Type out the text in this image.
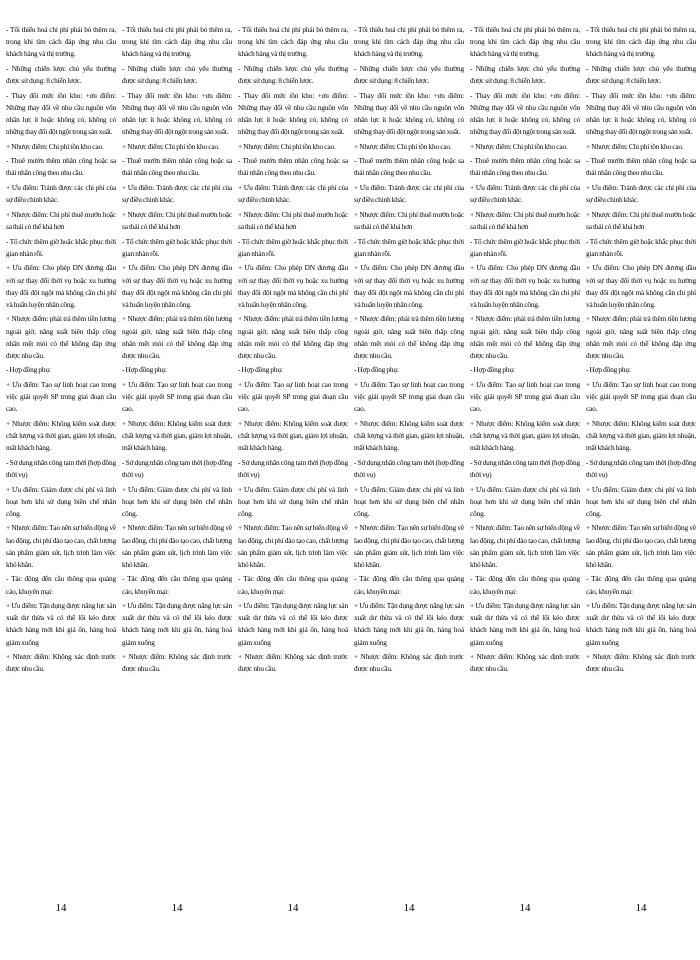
- Tối thiểu hoá chi phí phải bỏ thêm ra, trong khi tìm cách đáp ứng nhu cầu khách hàng và thị trường.

- Những chiến lược chủ yếu thường được sử dụng: 8 chiến lược.

- Thay đổi mức tồn kho: +ưu điểm: Những thay đổi về nhu cầu nguồn vốn nhân lực ít hoặc không có, không có những thay đổi đột ngột trong sản xuất.

+ Nhược điểm: Chi phí tồn kho cao.

- Thuê mướn thêm nhân công hoặc sa thải nhân công theo nhu cầu.

+ Ưu điểm: Tránh được các chi phí của sự điều chỉnh khác.

+ Nhược điểm: Chi phí thuê mướn hoặc sa thải có thể khá hơn

- Tổ chức thêm giờ hoặc khắc phục thời gian nhàn rỗi.

+ Ưu điểm: Cho phép DN đương đầu với sự thay đổi thời vụ hoặc xu hướng thay đổi đột ngột mà không cần chi phí và huấn luyện nhân công.

+ Nhược điểm: phải trả thêm tiền lương ngoài giờ, năng suất biên thấp công nhân mệt mỏi có thể không đáp ứng được nhu cầu.

- Hợp đồng phụ:

+ Ưu điểm: Tạo sự linh hoạt cao trong việc giải quyết SP trong giai đoạn cầu cao.

+ Nhược điểm: Không kiểm soát được chất lượng và thời gian, giảm lợi nhuận, mất khách hàng.

- Sử dụng nhân công tạm thời (hợp đồng thời vụ)

+ Ưu điểm: Giảm được chi phí và linh hoạt hơn khi sử dụng biên chế nhân công.

+ Nhược điểm: Tạo nên sự biến động về lao động, chi phí đào tạo cao, chất lượng sản phẩm giảm sút, lịch trình làm việc khó khăn.

- Tác động đến cầu thông qua quảng cáo, khuyến mại:

+ Ưu điểm: Tận dụng được năng lực sản xuất dư thừa và có thể lôi kéo được khách hàng mới khi giá ổn, hàng hoá giảm xuống

+ Nhược điểm: Không xác định trước được nhu cầu.

- Tối thiểu hoá chi phí phải bỏ thêm ra, trong khi tìm cách đáp ứng nhu cầu khách hàng và thị trường.

- Những chiến lược chủ yếu thường được sử dụng: 8 chiến lược.

- Thay đổi mức tồn kho: +ưu điểm: Những thay đổi về nhu cầu nguồn vốn nhân lực ít hoặc không có, không có những thay đổi đột ngột trong sản xuất.

+ Nhược điểm: Chi phí tồn kho cao.

- Thuê mướn thêm nhân công hoặc sa thải nhân công theo nhu cầu.

+ Ưu điểm: Tránh được các chi phí của sự điều chỉnh khác.

+ Nhược điểm: Chi phí thuê mướn hoặc sa thải có thể khá hơn

- Tổ chức thêm giờ hoặc khắc phục thời gian nhàn rỗi.

+ Ưu điểm: Cho phép DN đương đầu với sự thay đổi thời vụ hoặc xu hướng thay đổi đột ngột mà không cần chi phí và huấn luyện nhân công.

+ Nhược điểm: phải trả thêm tiền lương ngoài giờ, năng suất biên thấp công nhân mệt mỏi có thể không đáp ứng được nhu cầu.

- Hợp đồng phụ:

+ Ưu điểm: Tạo sự linh hoạt cao trong việc giải quyết SP trong giai đoạn cầu cao.

+ Nhược điểm: Không kiểm soát được chất lượng và thời gian, giảm lợi nhuận, mất khách hàng.

- Sử dụng nhân công tạm thời (hợp đồng thời vụ)

+ Ưu điểm: Giảm được chi phí và linh hoạt hơn khi sử dụng biên chế nhân công.

+ Nhược điểm: Tạo nên sự biến động về lao động, chi phí đào tạo cao, chất lượng sản phẩm giảm sút, lịch trình làm việc khó khăn.

- Tác động đến cầu thông qua quảng cáo, khuyến mại:

+ Ưu điểm: Tận dụng được năng lực sản xuất dư thừa và có thể lôi kéo được khách hàng mới khi giá ổn, hàng hoá giảm xuống

+ Nhược điểm: Không xác định trước được nhu cầu.

- Tối thiểu hoá chi phí phải bỏ thêm ra, trong khi tìm cách đáp ứng nhu cầu khách hàng và thị trường.

- Những chiến lược chủ yếu thường được sử dụng: 8 chiến lược.

- Thay đổi mức tồn kho: +ưu điểm: Những thay đổi về nhu cầu nguồn vốn nhân lực ít hoặc không có, không có những thay đổi đột ngột trong sản xuất.

+ Nhược điểm: Chi phí tồn kho cao.

- Thuê mướn thêm nhân công hoặc sa thải nhân công theo nhu cầu.

+ Ưu điểm: Tránh được các chi phí của sự điều chỉnh khác.

+ Nhược điểm: Chi phí thuê mướn hoặc sa thải có thể khá hơn

- Tổ chức thêm giờ hoặc khắc phục thời gian nhàn rỗi.

+ Ưu điểm: Cho phép DN đương đầu với sự thay đổi thời vụ hoặc xu hướng thay đổi đột ngột mà không cần chi phí và huấn luyện nhân công.

+ Nhược điểm: phải trả thêm tiền lương ngoài giờ, năng suất biên thấp công nhân mệt mỏi có thể không đáp ứng được nhu cầu.

- Hợp đồng phụ:

+ Ưu điểm: Tạo sự linh hoạt cao trong việc giải quyết SP trong giai đoạn cầu cao.

+ Nhược điểm: Không kiểm soát được chất lượng và thời gian, giảm lợi nhuận, mất khách hàng.

- Sử dụng nhân công tạm thời (hợp đồng thời vụ)

+ Ưu điểm: Giảm được chi phí và linh hoạt hơn khi sử dụng biên chế nhân công.

+ Nhược điểm: Tạo nên sự biến động về lao động, chi phí đào tạo cao, chất lượng sản phẩm giảm sút, lịch trình làm việc khó khăn.

- Tác động đến cầu thông qua quảng cáo, khuyến mại:

+ Ưu điểm: Tận dụng được năng lực sản xuất dư thừa và có thể lôi kéo được khách hàng mới khi giá ổn, hàng hoá giảm xuống

+ Nhược điểm: Không xác định trước được nhu cầu.

- Tối thiểu hoá chi phí phải bỏ thêm ra, trong khi tìm cách đáp ứng nhu cầu khách hàng và thị trường.

- Những chiến lược chủ yếu thường được sử dụng: 8 chiến lược.

- Thay đổi mức tồn kho: +ưu điểm: Những thay đổi về nhu cầu nguồn vốn nhân lực ít hoặc không có, không có những thay đổi đột ngột trong sản xuất.

+ Nhược điểm: Chi phí tồn kho cao.

- Thuê mướn thêm nhân công hoặc sa thải nhân công theo nhu cầu.

+ Ưu điểm: Tránh được các chi phí của sự điều chỉnh khác.

+ Nhược điểm: Chi phí thuê mướn hoặc sa thải có thể khá hơn

- Tổ chức thêm giờ hoặc khắc phục thời gian nhàn rỗi.

+ Ưu điểm: Cho phép DN đương đầu với sự thay đổi thời vụ hoặc xu hướng thay đổi đột ngột mà không cần chi phí và huấn luyện nhân công.

+ Nhược điểm: phải trả thêm tiền lương ngoài giờ, năng suất biên thấp công nhân mệt mỏi có thể không đáp ứng được nhu cầu.

- Hợp đồng phụ:

+ Ưu điểm: Tạo sự linh hoạt cao trong việc giải quyết SP trong giai đoạn cầu cao.

+ Nhược điểm: Không kiểm soát được chất lượng và thời gian, giảm lợi nhuận, mất khách hàng.

- Sử dụng nhân công tạm thời (hợp đồng thời vụ)

+ Ưu điểm: Giảm được chi phí và linh hoạt hơn khi sử dụng biên chế nhân công.

+ Nhược điểm: Tạo nên sự biến động về lao động, chi phí đào tạo cao, chất lượng sản phẩm giảm sút, lịch trình làm việc khó khăn.

- Tác động đến cầu thông qua quảng cáo, khuyến mại:

+ Ưu điểm: Tận dụng được năng lực sản xuất dư thừa và có thể lôi kéo được khách hàng mới khi giá ổn, hàng hoá giảm xuống

+ Nhược điểm: Không xác định trước được nhu cầu.

- Tối thiểu hoá chi phí phải bỏ thêm ra, trong khi tìm cách đáp ứng nhu cầu khách hàng và thị trường.

- Những chiến lược chủ yếu thường được sử dụng: 8 chiến lược.

- Thay đổi mức tồn kho: +ưu điểm: Những thay đổi về nhu cầu nguồn vốn nhân lực ít hoặc không có, không có những thay đổi đột ngột trong sản xuất.

+ Nhược điểm: Chi phí tồn kho cao.

- Thuê mướn thêm nhân công hoặc sa thải nhân công theo nhu cầu.

+ Ưu điểm: Tránh được các chi phí của sự điều chỉnh khác.

+ Nhược điểm: Chi phí thuê mướn hoặc sa thải có thể khá hơn

- Tổ chức thêm giờ hoặc khắc phục thời gian nhàn rỗi.

+ Ưu điểm: Cho phép DN đương đầu với sự thay đổi thời vụ hoặc xu hướng thay đổi đột ngột mà không cần chi phí và huấn luyện nhân công.

+ Nhược điểm: phải trả thêm tiền lương ngoài giờ, năng suất biên thấp công nhân mệt mỏi có thể không đáp ứng được nhu cầu.

- Hợp đồng phụ:

+ Ưu điểm: Tạo sự linh hoạt cao trong việc giải quyết SP trong giai đoạn cầu cao.

+ Nhược điểm: Không kiểm soát được chất lượng và thời gian, giảm lợi nhuận, mất khách hàng.

- Sử dụng nhân công tạm thời (hợp đồng thời vụ)

+ Ưu điểm: Giảm được chi phí và linh hoạt hơn khi sử dụng biên chế nhân công.

+ Nhược điểm: Tạo nên sự biến động về lao động, chi phí đào tạo cao, chất lượng sản phẩm giảm sút, lịch trình làm việc khó khăn.

- Tác động đến cầu thông qua quảng cáo, khuyến mại:

+ Ưu điểm: Tận dụng được năng lực sản xuất dư thừa và có thể lôi kéo được khách hàng mới khi giá ổn, hàng hoá giảm xuống

+ Nhược điểm: Không xác định trước được nhu cầu.

- Tối thiểu hoá chi phí phải bỏ thêm ra, trong khi tìm cách đáp ứng nhu cầu khách hàng và thị trường.

- Những chiến lược chủ yếu thường được sử dụng: 8 chiến lược.

- Thay đổi mức tồn kho: +ưu điểm: Những thay đổi về nhu cầu nguồn vốn nhân lực ít hoặc không có, không có những thay đổi đột ngột trong sản xuất.

+ Nhược điểm: Chi phí tồn kho cao.

- Thuê mướn thêm nhân công hoặc sa thải nhân công theo nhu cầu.

+ Ưu điểm: Tránh được các chi phí của sự điều chỉnh khác.

+ Nhược điểm: Chi phí thuê mướn hoặc sa thải có thể khá hơn

- Tổ chức thêm giờ hoặc khắc phục thời gian nhàn rỗi.

+ Ưu điểm: Cho phép DN đương đầu với sự thay đổi thời vụ hoặc xu hướng thay đổi đột ngột mà không cần chi phí và huấn luyện nhân công.

+ Nhược điểm: phải trả thêm tiền lương ngoài giờ, năng suất biên thấp công nhân mệt mỏi có thể không đáp ứng được nhu cầu.

- Hợp đồng phụ:

+ Ưu điểm: Tạo sự linh hoạt cao trong việc giải quyết SP trong giai đoạn cầu cao.

+ Nhược điểm: Không kiểm soát được chất lượng và thời gian, giảm lợi nhuận, mất khách hàng.

- Sử dụng nhân công tạm thời (hợp đồng thời vụ)

+ Ưu điểm: Giảm được chi phí và linh hoạt hơn khi sử dụng biên chế nhân công.

+ Nhược điểm: Tạo nên sự biến động về lao động, chi phí đào tạo cao, chất lượng sản phẩm giảm sút, lịch trình làm việc khó khăn.

- Tác động đến cầu thông qua quảng cáo, khuyến mại:

+ Ưu điểm: Tận dụng được năng lực sản xuất dư thừa và có thể lôi kéo được khách hàng mới khi giá ổn, hàng hoá giảm xuống

+ Nhược điểm: Không xác định trước được nhu cầu.

14	14	14	14	14	14
